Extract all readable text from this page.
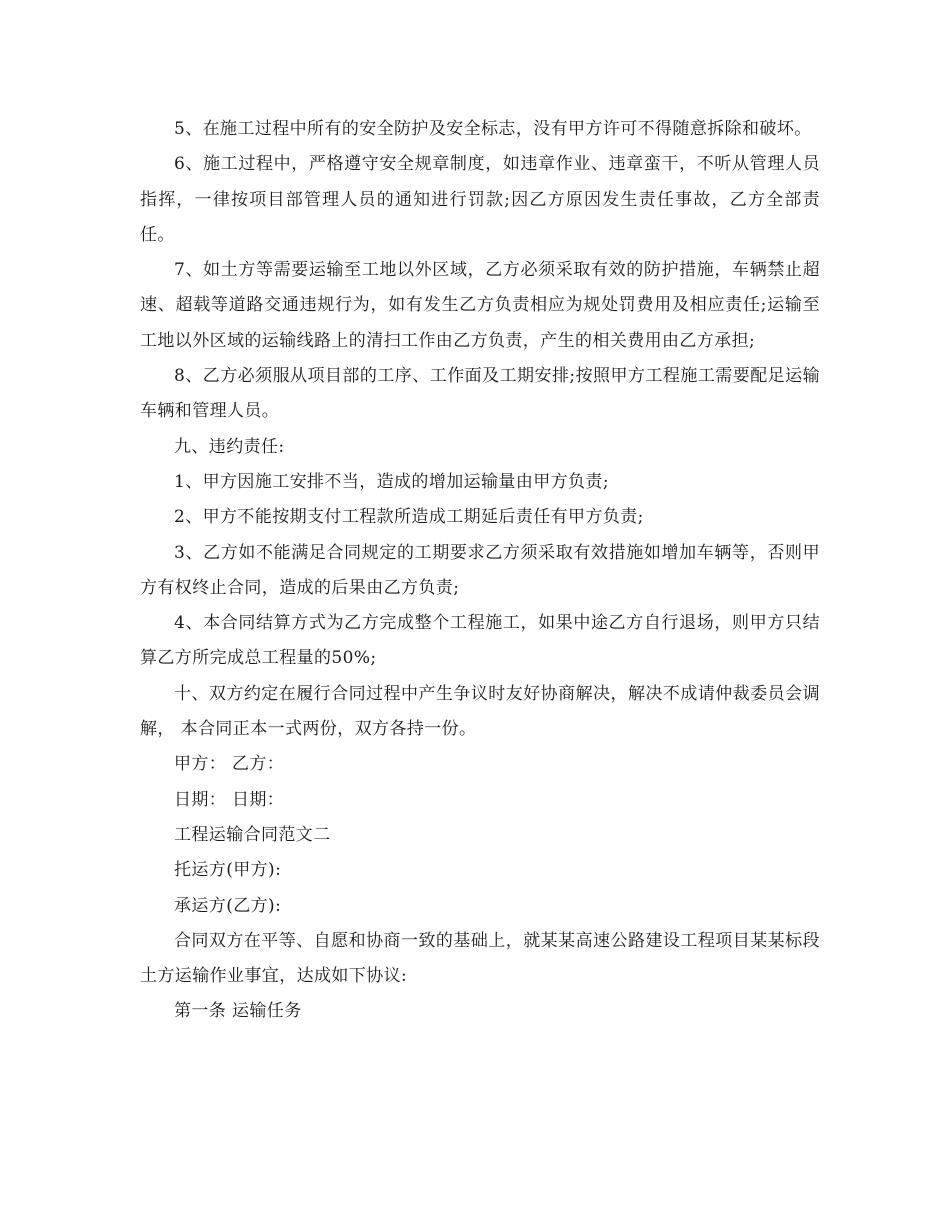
5、在施工过程中所有的安全防护及安全标志，没有甲方许可不得随意拆除和破坏。

6、施工过程中，严格遵守安全规章制度，如违章作业、违章蛮干，不听从管理人员指挥，一律按项目部管理人员的通知进行罚款;因乙方原因发生责任事故，乙方全部责任。

7、如土方等需要运输至工地以外区域，乙方必须采取有效的防护措施，车辆禁止超速、超载等道路交通违规行为，如有发生乙方负责相应为规处罚费用及相应责任;运输至工地以外区域的运输线路上的清扫工作由乙方负责，产生的相关费用由乙方承担;

8、乙方必须服从项目部的工序、工作面及工期安排;按照甲方工程施工需要配足运输车辆和管理人员。

九、违约责任:

1、甲方因施工安排不当，造成的增加运输量由甲方负责;

2、甲方不能按期支付工程款所造成工期延后责任有甲方负责;

3、乙方如不能满足合同规定的工期要求乙方须采取有效措施如增加车辆等，否则甲方有权终止合同，造成的后果由乙方负责;

4、本合同结算方式为乙方完成整个工程施工，如果中途乙方自行退场，则甲方只结算乙方所完成总工程量的50%;

十、双方约定在履行合同过程中产生争议时友好协商解决，解决不成请仲裁委员会调解， 本合同正本一式两份，双方各持一份。

甲方： 乙方：

日期： 日期：

工程运输合同范文二

托运方(甲方):

承运方(乙方):

合同双方在平等、自愿和协商一致的基础上，就某某高速公路建设工程项目某某标段土方运输作业事宜，达成如下协议:

第一条 运输任务
